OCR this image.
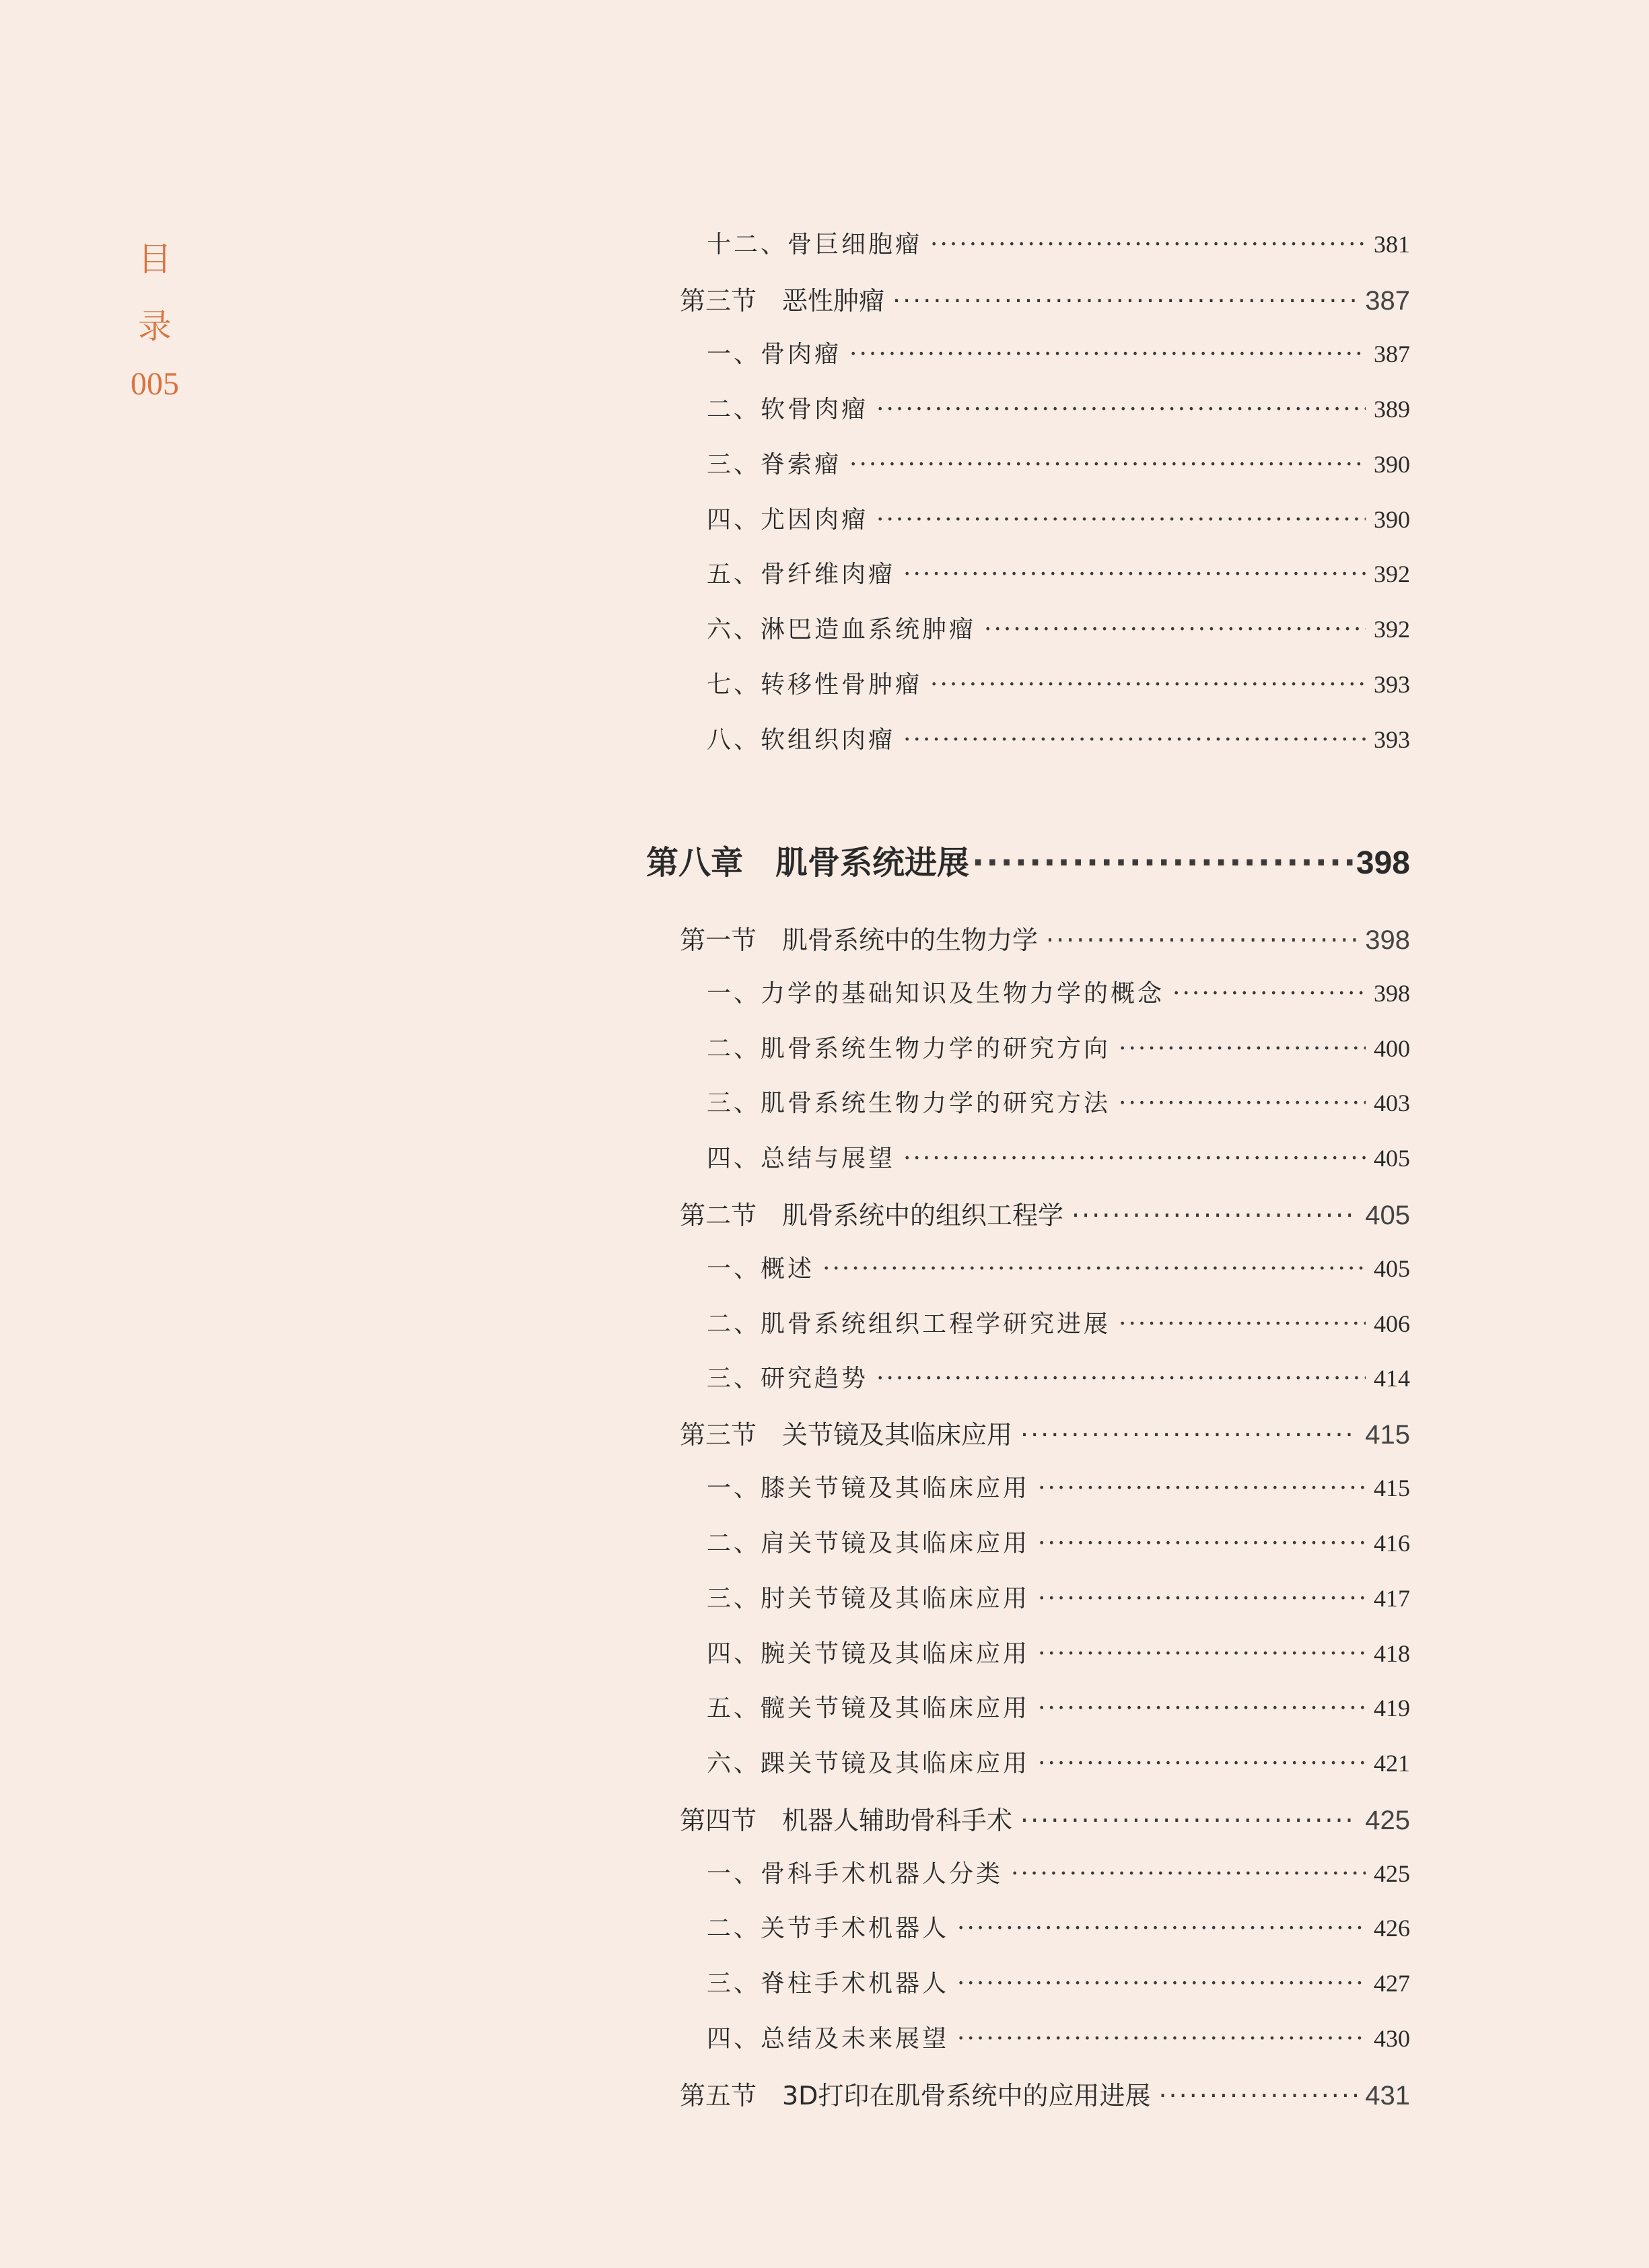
目
录
005
十二、骨巨细胞瘤 ·····	381
第三节　恶性肿瘤 ·····	387
一、骨肉瘤 ·····	387
二、软骨肉瘤 ·····	389
三、脊索瘤 ·····	390
四、尤因肉瘤 ·····	390
五、骨纤维肉瘤 ·····	392
六、淋巴造血系统肿瘤 ·····	392
七、转移性骨肿瘤 ·····	393
八、软组织肉瘤 ·····	393
第八章　肌骨系统进展 ·····	398
第一节　肌骨系统中的生物力学 ·····	398
一、力学的基础知识及生物力学的概念 ·····	398
二、肌骨系统生物力学的研究方向 ·····	400
三、肌骨系统生物力学的研究方法 ·····	403
四、总结与展望 ·····	405
第二节　肌骨系统中的组织工程学 ·····	405
一、概述 ·····	405
二、肌骨系统组织工程学研究进展 ·····	406
三、研究趋势 ·····	414
第三节　关节镜及其临床应用 ·····	415
一、膝关节镜及其临床应用 ·····	415
二、肩关节镜及其临床应用 ·····	416
三、肘关节镜及其临床应用 ·····	417
四、腕关节镜及其临床应用 ·····	418
五、髋关节镜及其临床应用 ·····	419
六、踝关节镜及其临床应用 ·····	421
第四节　机器人辅助骨科手术 ·····	425
一、骨科手术机器人分类 ·····	425
二、关节手术机器人 ·····	426
三、脊柱手术机器人 ·····	427
四、总结及未来展望 ·····	430
第五节　3D打印在肌骨系统中的应用进展 ·····	431
